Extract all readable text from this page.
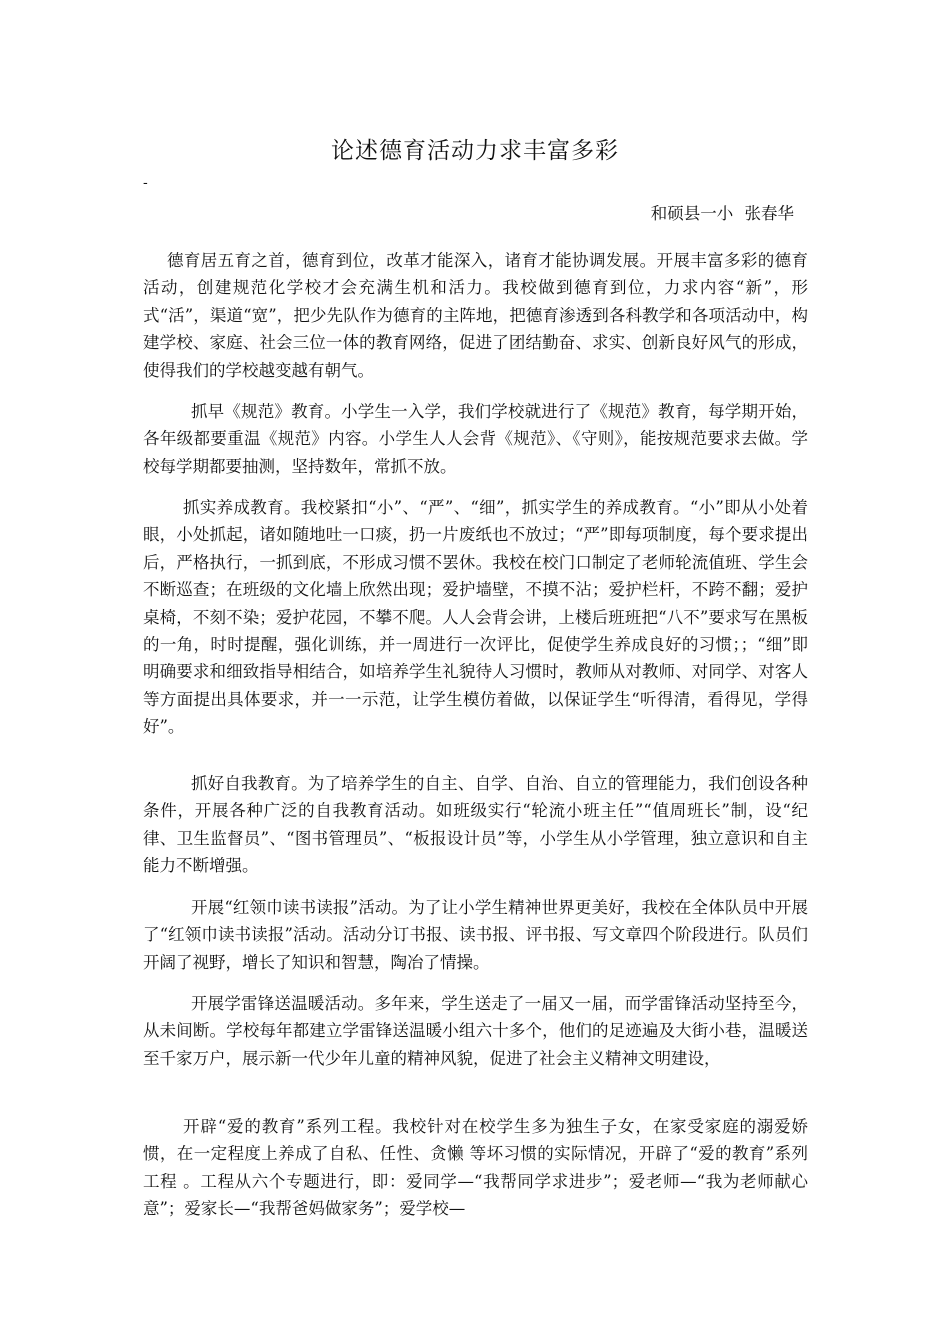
论述德育活动力求丰富多彩
-
和硕县一小 张春华

德育居五育之首，德育到位，改革才能深入，诸育才能协调发展。开展丰富多彩的德育活动，创建规范化学校才会充满生机和活力。我校做到德育到位，力求内容“新”，形式“活”，渠道“宽”，把少先队作为德育的主阵地，把德育渗透到各科教学和各项活动中，构建学校、家庭、社会三位一体的教育网络，促进了团结勤奋、求实、创新良好风气的形成，使得我们的学校越变越有朝气。

抓早《规范》教育。小学生一入学，我们学校就进行了《规范》教育，每学期开始，各年级都要重温《规范》内容。小学生人人会背《规范》、《守则》，能按规范要求去做。学校每学期都要抽测，坚持数年，常抓不放。

抓实养成教育。我校紧扣“小”、“严”、“细”，抓实学生的养成教育。“小”即从小处着眼，小处抓起，诸如随地吐一口痰，扔一片废纸也不放过；“严”即每项制度，每个要求提出后，严格执行，一抓到底，不形成习惯不罢休。我校在校门口制定了老师轮流值班、学生会不断巡查；在班级的文化墙上欣然出现；爱护墙壁，不摸不沾；爱护栏杆，不跨不翻；爱护桌椅，不刻不染；爱护花园，不攀不爬。人人会背会讲，上楼后班班把“八不”要求写在黑板的一角，时时提醒，强化训练，并一周进行一次评比，促使学生养成良好的习惯；；“细”即明确要求和细致指导相结合，如培养学生礼貌待人习惯时，教师从对教师、对同学、对客人等方面提出具体要求，并一一示范，让学生模仿着做，以保证学生“听得清，看得见，学得好”。

抓好自我教育。为了培养学生的自主、自学、自治、自立的管理能力，我们创设各种条件，开展各种广泛的自我教育活动。如班级实行“轮流小班主任”“值周班长”制，设“纪律、卫生监督员”、“图书管理员”、“板报设计员”等，小学生从小学管理，独立意识和自主能力不断增强。

开展“红领巾读书读报”活动。为了让小学生精神世界更美好，我校在全体队员中开展了“红领巾读书读报”活动。活动分订书报、读书报、评书报、写文章四个阶段进行。队员们开阔了视野，增长了知识和智慧，陶冶了情操。

开展学雷锋送温暖活动。多年来，学生送走了一届又一届，而学雷锋活动坚持至今，从未间断。学校每年都建立学雷锋送温暖小组六十多个，他们的足迹遍及大街小巷，温暖送至千家万户，展示新一代少年儿童的精神风貌，促进了社会主义精神文明建设，

开辟“爱的教育”系列工程。我校针对在校学生多为独生子女，在家受家庭的溺爱娇惯，在一定程度上养成了自私、任性、贪懒 等坏习惯的实际情况，开辟了“爱的教育”系列工程 。工程从六个专题进行，即：爱同学—“我帮同学求进步”；爱老师—“我为老师献心意”；爱家长—“我帮爸妈做家务”；爱学校—
